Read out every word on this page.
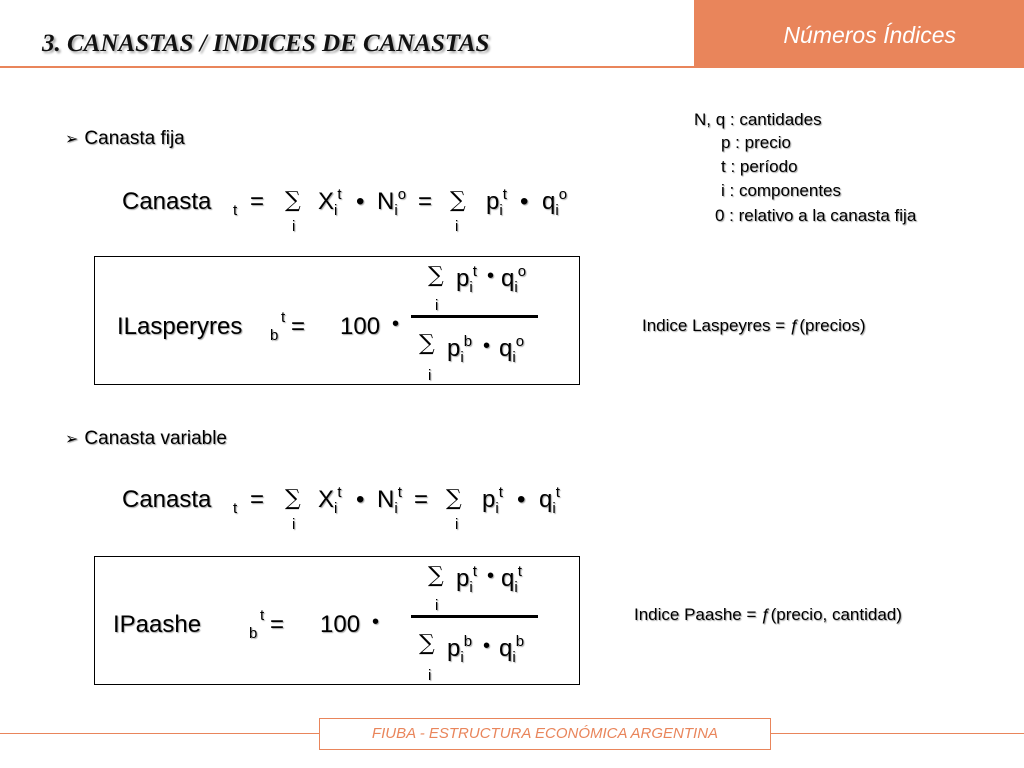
Números Índices
3. CANASTAS / INDICES DE CANASTAS
N, q : cantidades
p : precio
t : período
i : componentes
0 : relativo a la canasta fija
➢ Canasta fija
Canasta t = ∑
i
$X_i^t$ • $N_i^o$ = ∑
i
$p_i^t$ • $q_i^o$
∑ $p_i^t$ • $q_i^o$
i
∑ $p_i^b$ • $q_i^o$
i
ILasperyres b
t = 100 •	Indice Laspeyres = ƒ(precios)
➢ Canasta variable
Canasta t = ∑
i
$X_i^t$ • $N_i^t$ = ∑
i
$p_i^t$ • $q_i^t$
∑ $p_i^t$ • $q_i^t$
i
∑ $p_i^b$ • $q_i^b$
i
IPaashe	b
t = 100 •	Indice Paashe = ƒ(precio, cantidad)
FIUBA - ESTRUCTURA ECONÓMICA ARGENTINA
